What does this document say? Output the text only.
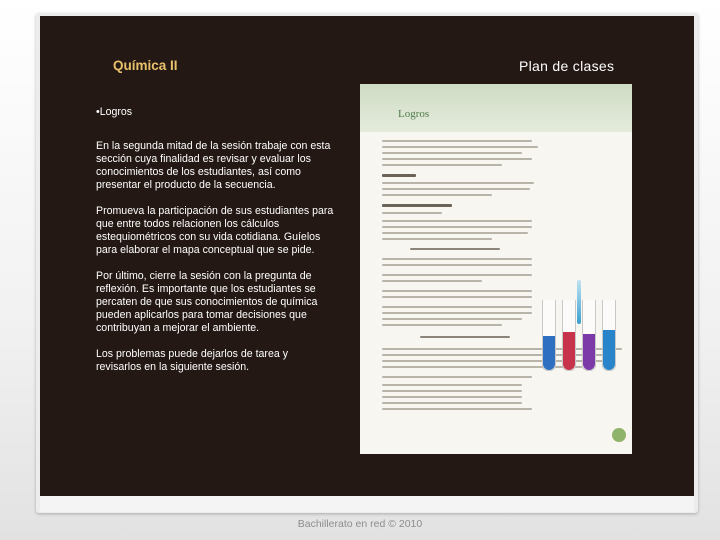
Química II	Plan de clases

•Logros

En la segunda mitad de la sesión trabaje con esta sección cuya finalidad es revisar y evaluar los conocimientos de los estudiantes, así como presentar el producto de la secuencia.

Promueva la participación de sus estudiantes para que entre todos relacionen los cálculos estequiométricos con su vida cotidiana. Guíelos para elaborar el mapa conceptual que se pide.

Por último, cierre la sesión con la pregunta de reflexión. Es importante que los estudiantes se percaten de que sus conocimientos de química pueden aplicarlos para tomar decisiones que contribuyan a mejorar el ambiente.

Los problemas puede dejarlos de tarea y revisarlos en la siguiente sesión.

Logros
Bachillerato en red © 2010
